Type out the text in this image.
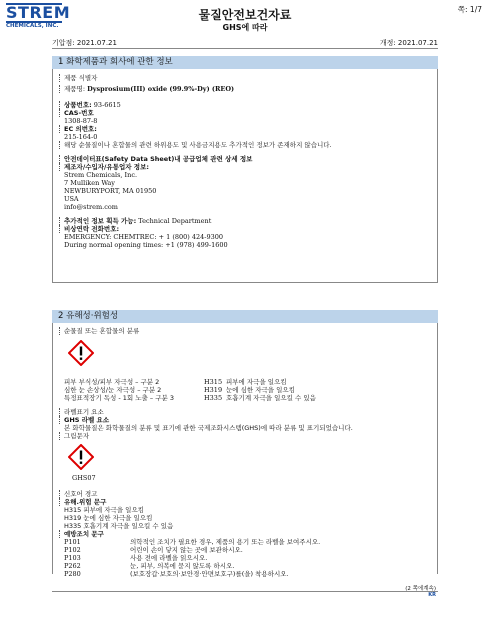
STREM
CHEMICALS, INC.
물질안전보건자료
GHS에 따라
쪽: 1/7
기압점: 2021.07.21	개정: 2021.07.21
1 화학제품과 회사에 관한 정보
제품 식별자
제품명: Dysprosium(III) oxide (99.9%-Dy) (REO)
상품번호: 93-6615
CAS-번호
1308-87-8
EC 의번호:
215-164-0
해당 순물질이나 혼합물의 관련 하위용도 및 사용금지용도 추가적인 정보가 존재하지 않습니다.
안전데이터표(Safety Data Sheet)내 공급업체 관련 상세 정보
제조자/수입자/유통업자 정보:
Strem Chemicals, Inc.
7 Mulliken Way
NEWBURYPORT, MA 01950
USA
info@strem.com
추가적인 정보 획득 가능: Technical Department
비상연락 전화번호:
EMERGENCY: CHEMTREC: + 1 (800) 424-9300
During normal opening times: +1 (978) 499-1600
2 유해성·위험성
순물질 또는 혼합물의 분류
피부 부식성/피부 자극성 – 구분 2	H315 피부에 자극을 일으킴
심한 눈 손상성/눈 자극성 – 구분 2	H319 눈에 심한 자극을 일으킴
특정표적장기 독성 - 1회 노출 – 구분 3	H335 호흡기계 자극을 일으킬 수 있음
라벨표기 요소
GHS 라벨 요소
본 화학물질은 화학물질의 분류 및 표기에 관한 국제조화시스템(GHS)에 따라 분류 및 표기되었습니다.
그림문자
GHS07
신호어 경고
유해.위험 문구
H315 피부에 자극을 일으킴
H319 눈에 심한 자극을 일으킴
H335 호흡기계 자극을 일으킬 수 있음
예방조치 문구
P101	의학적인 조치가 필요한 경우, 제품의 용기 또는 라벨을 보여주시오.
P102	어린이 손이 닿지 않는 곳에 보관하시오.
P103	사용 전에 라벨을 읽으시오.
P262	눈, 피부, 의복에 묻지 않도록 하시오.
P280	(보호장갑·보호의·보안경·안면보호구)를(을) 착용하시오.
(2 쪽에계속)
KR
